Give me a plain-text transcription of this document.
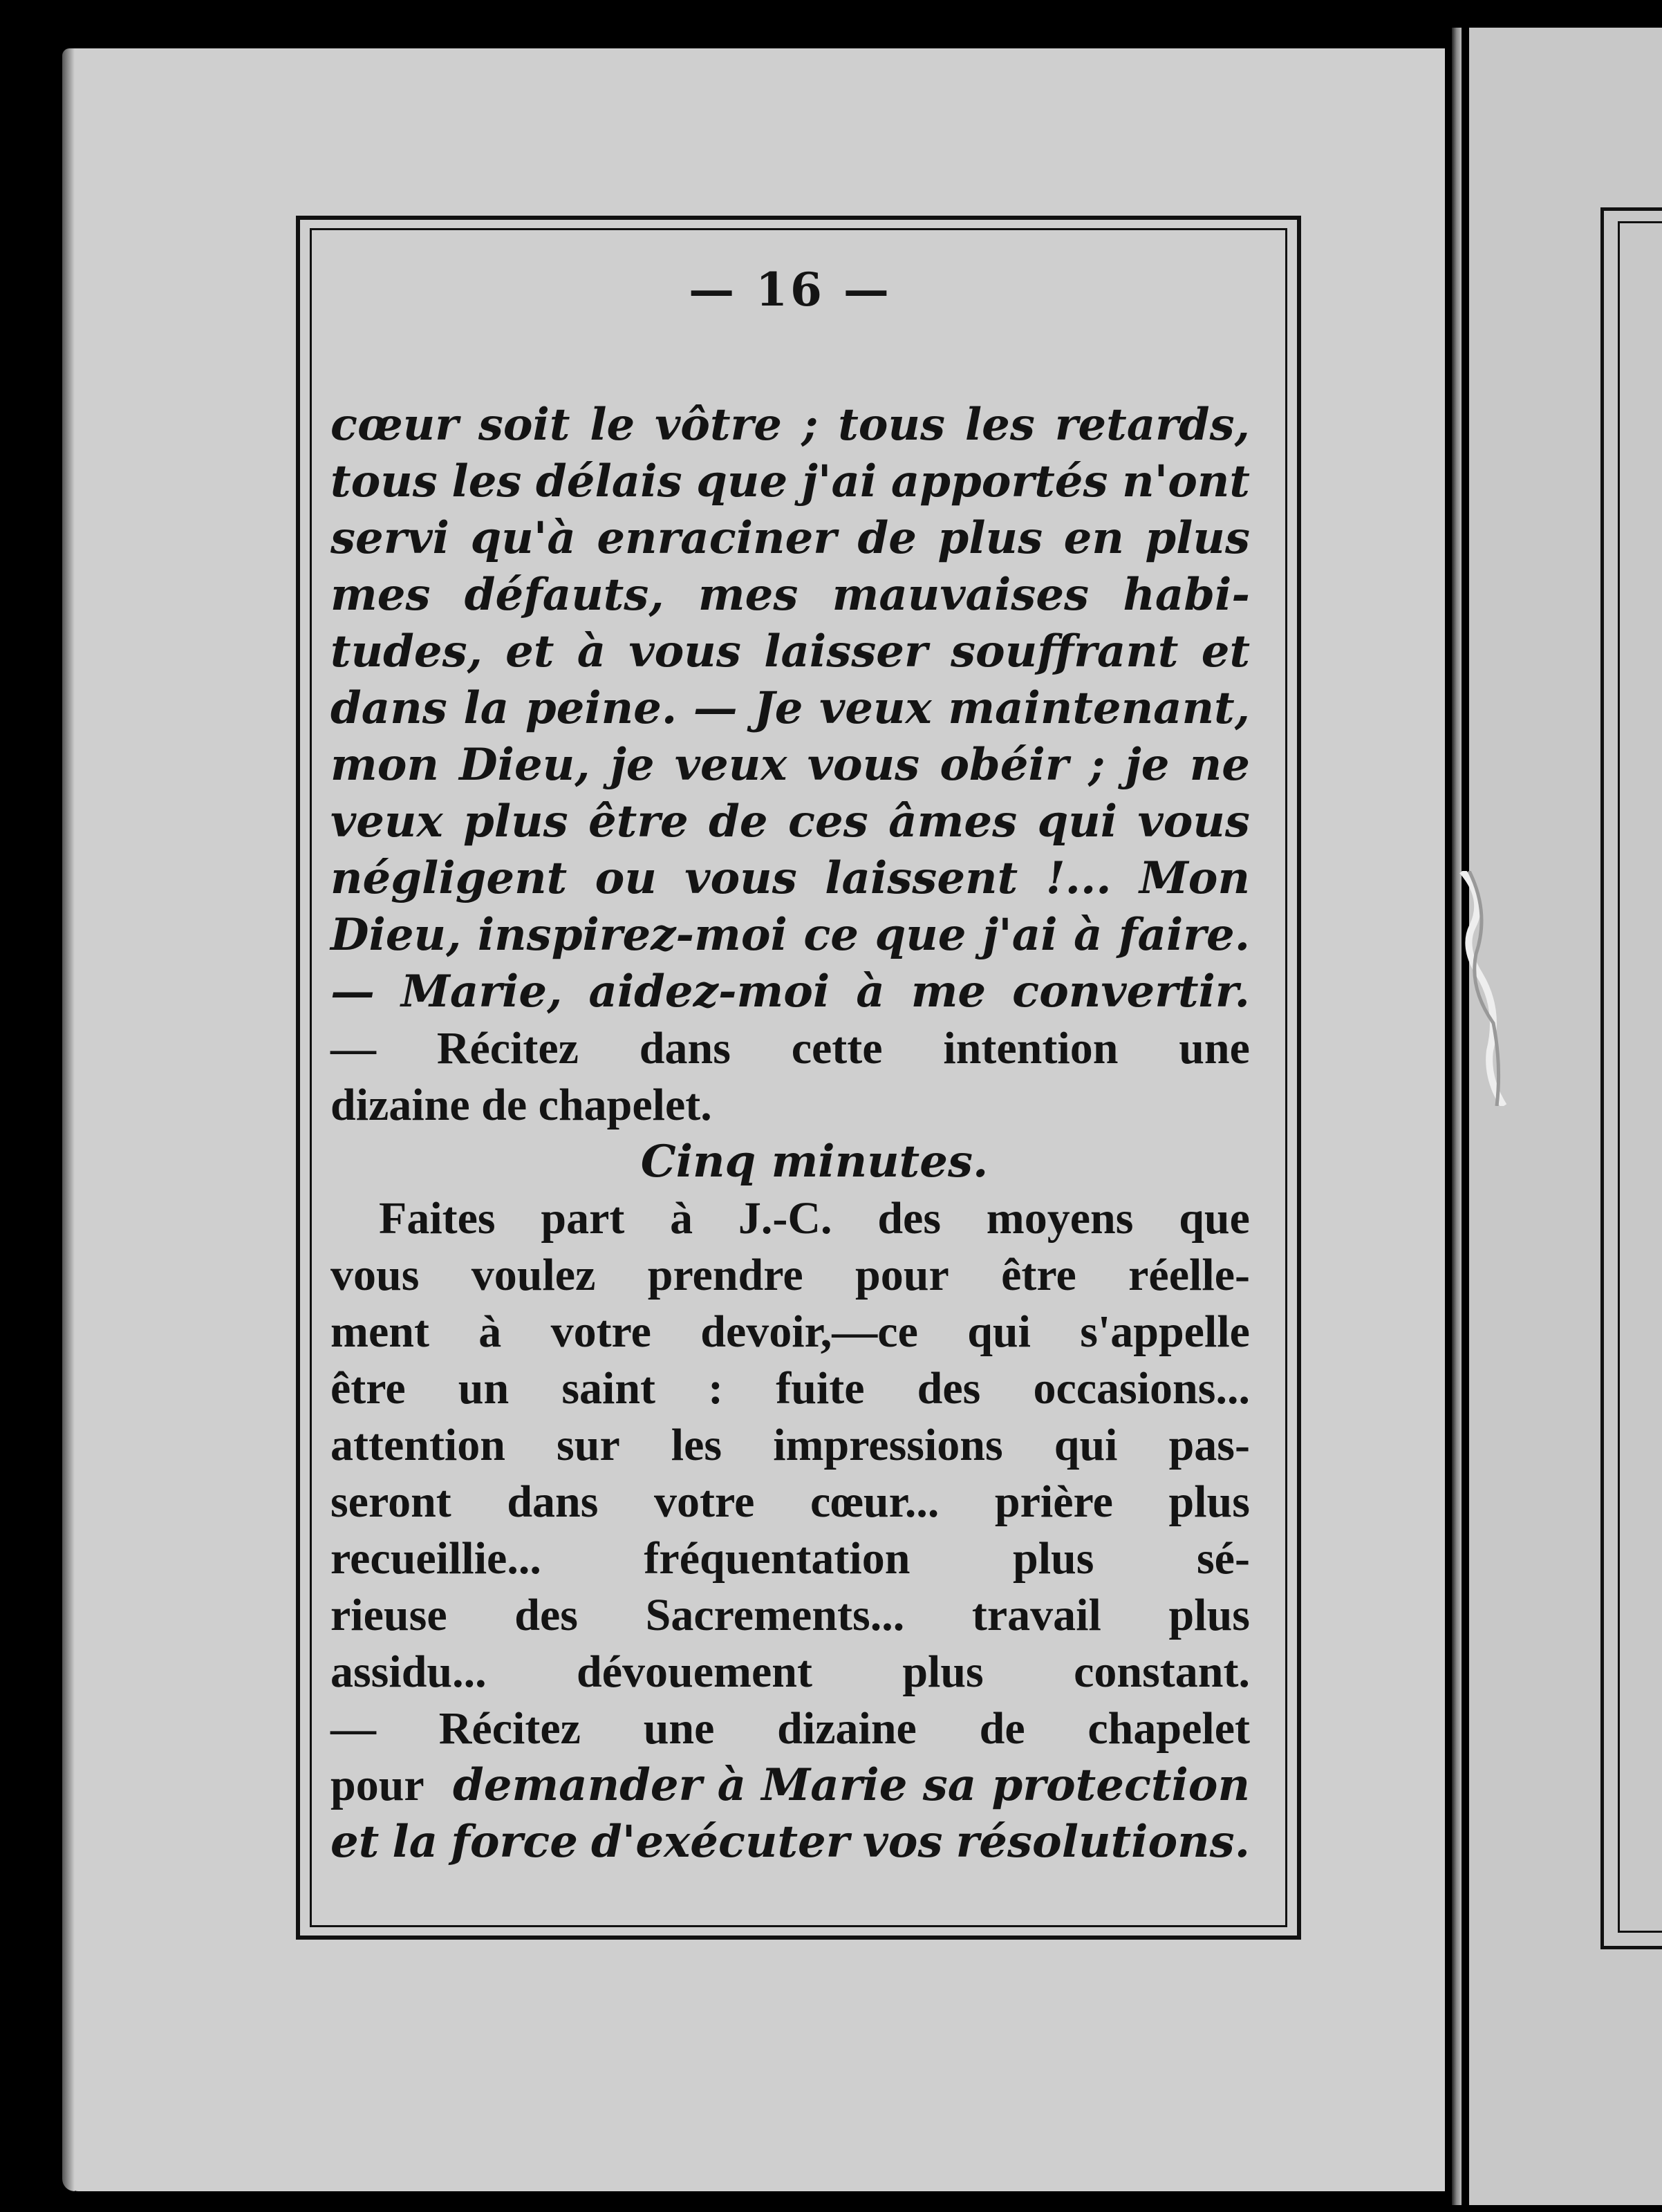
— 16 —
cœur soit le vôtre ; tous les retards,
tous les délais que j'ai apportés n'ont
servi qu'à enraciner de plus en plus
mes défauts, mes mauvaises habi-
tudes, et à vous laisser souffrant et
dans la peine. — Je veux maintenant,
mon Dieu, je veux vous obéir ; je ne
veux plus être de ces âmes qui vous
négligent ou vous laissent !... Mon
Dieu, inspirez-moi ce que j'ai à faire.
— Marie, aidez-moi à me convertir.
— Récitez dans cette intention une
dizaine de chapelet.
Cinq minutes.
Faites part à J.-C. des moyens que
vous voulez prendre pour être réelle-
ment à votre devoir,—ce qui s'appelle
être un saint : fuite des occasions...
attention sur les impressions qui pas-
seront dans votre cœur... prière plus
recueillie... fréquentation plus sé-
rieuse des Sacrements... travail plus
assidu... dévouement plus constant.
— Récitez une dizaine de chapelet
pour demander à Marie sa protection
et la force d'exécuter vos résolutions.
